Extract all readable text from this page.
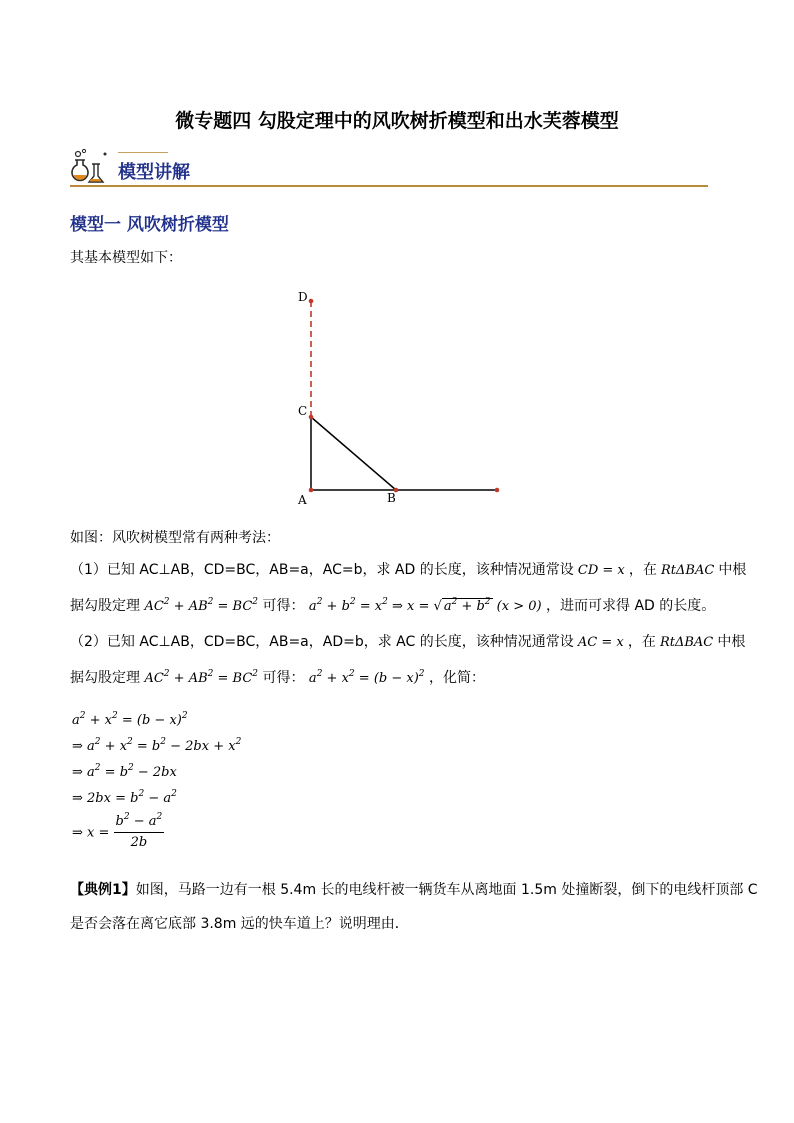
微专题四 勾股定理中的风吹树折模型和出水芙蓉模型
模型讲解
模型一 风吹树折模型
其基本模型如下：
D
C
A	B
如图：风吹树模型常有两种考法：
（1）已知 AC⊥AB，CD=BC，AB=a，AC=b，求 AD 的长度，该种情况通常设 CD = x ，在 RtΔBAC 中根
据勾股定理 $AC^2 + AB^2 = BC^2$ 可得： $a^2 + b^2 = x^2$ ⇒ x = √ $a^2 + b^2$ (x > 0) ，进而可求得 AD 的长度。
（2）已知 AC⊥AB，CD=BC，AB=a，AD=b，求 AC 的长度，该种情况通常设 AC = x ，在 RtΔBAC 中根
据勾股定理 $AC^2 + AB^2 = BC^2$ 可得： $a^2 + x^2 = (b - x)^2$ ，化简：
$a^2 + x^2 = (b - x)^2$
⇒ $a^2 + x^2 = b^2 - 2bx + x^2$
⇒ $a^2 = b^2 - 2bx$
⇒ $2bx = b^2 - a^2$
⇒ $x = \frac{b^2 - a^2}{2b}$
【典例1】如图，马路一边有一根 5.4m 长的电线杆被一辆货车从离地面 1.5m 处撞断裂，倒下的电线杆顶部 C
是否会落在离它底部 3.8m 远的快车道上？说明理由．
